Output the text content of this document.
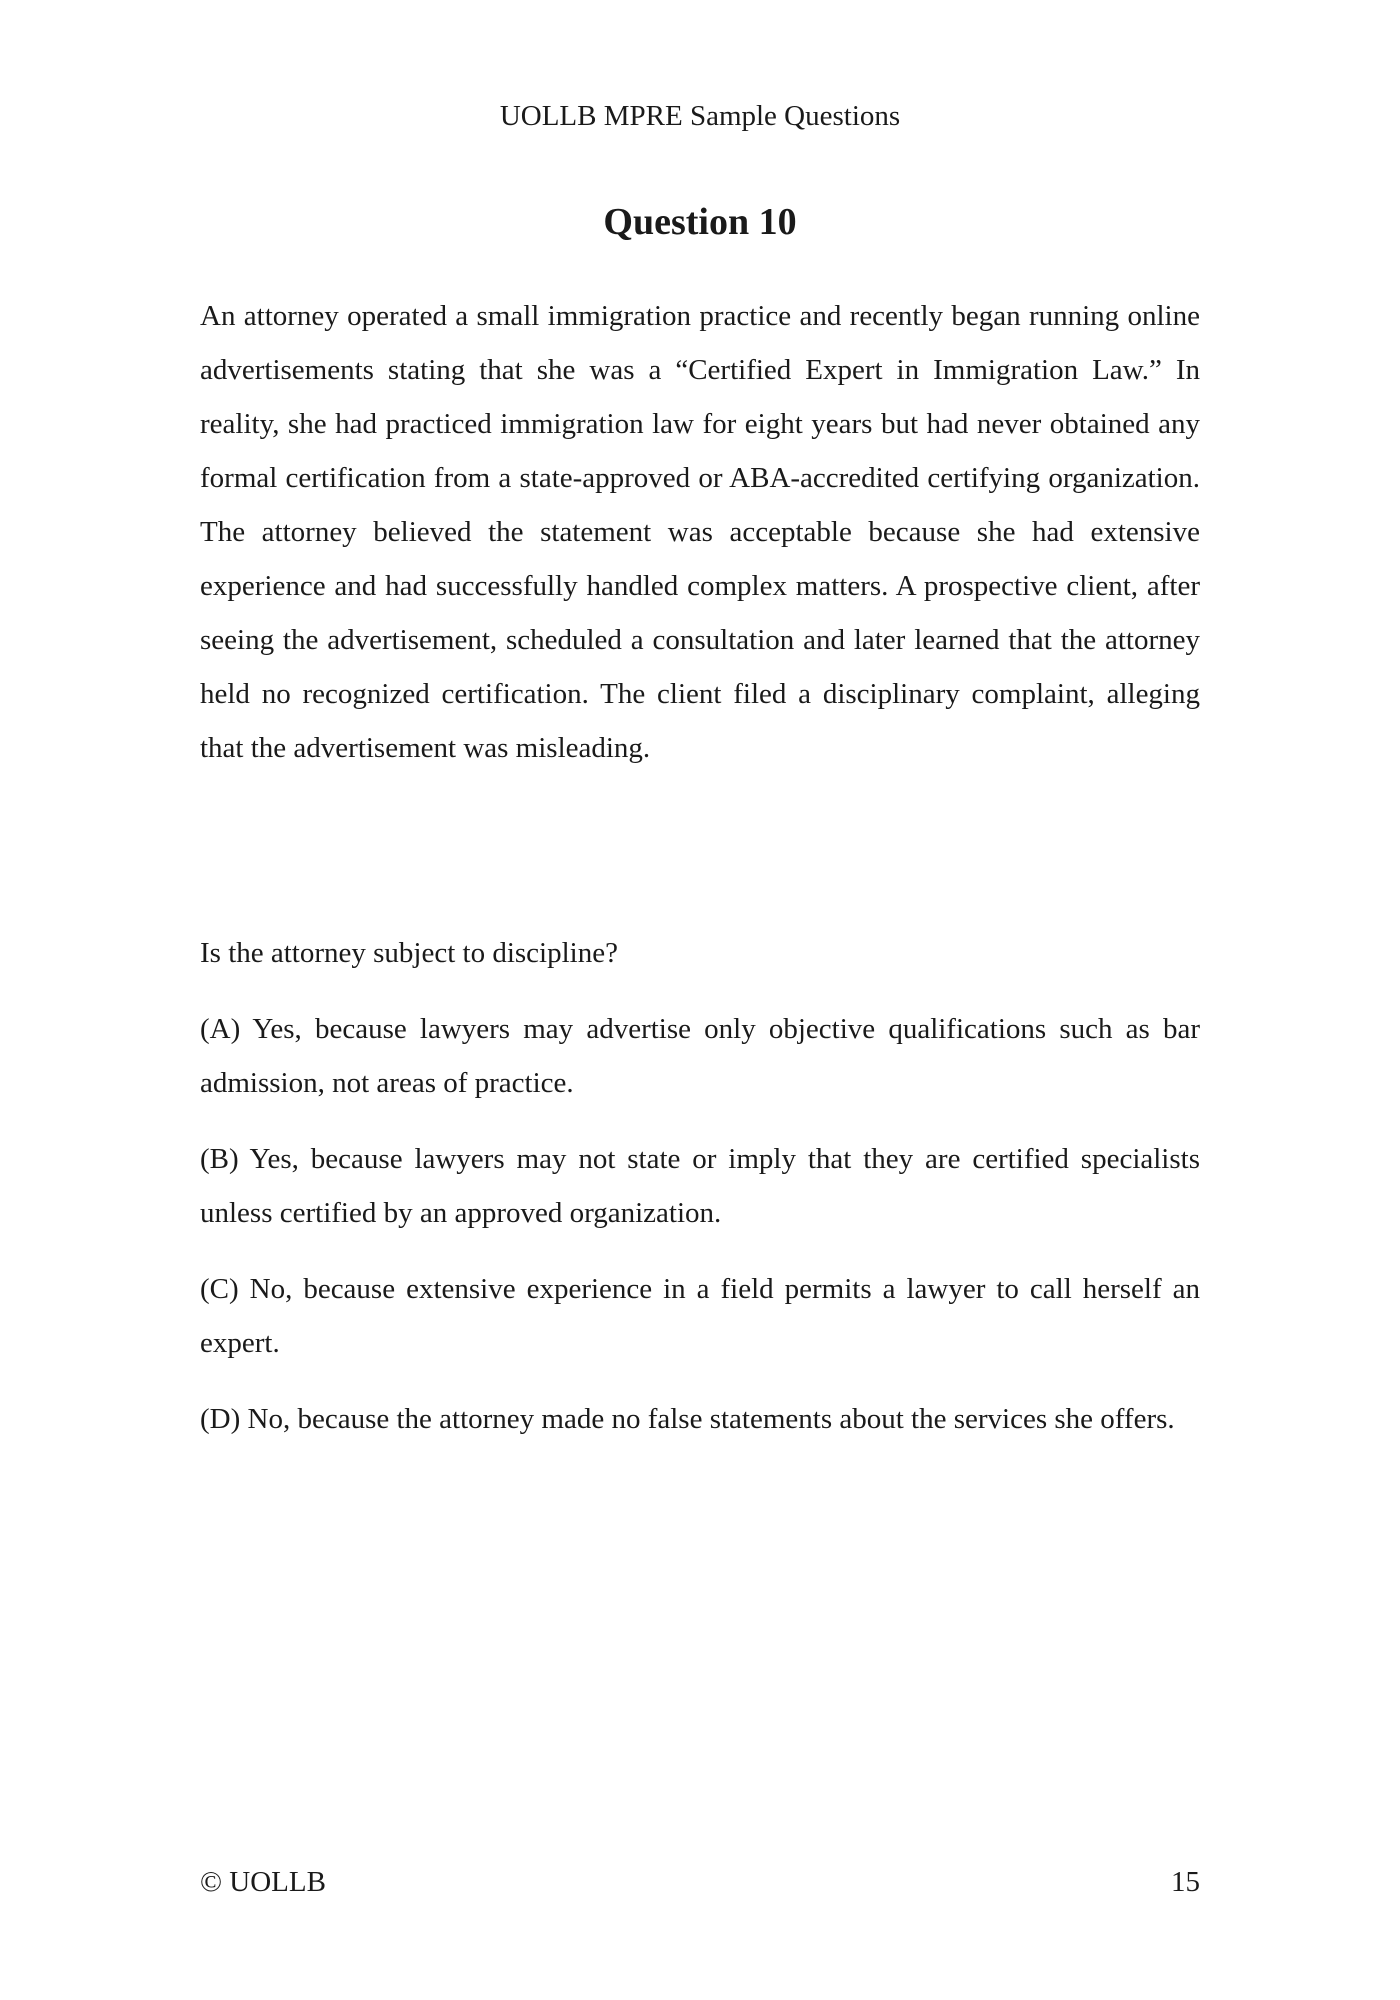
UOLLB MPRE Sample Questions
Question 10

An attorney operated a small immigration practice and recently began running online advertisements stating that she was a “Certified Expert in Immigration Law.” In reality, she had practiced immigration law for eight years but had never obtained any formal certification from a state-approved or ABA-accredited certifying organization. The attorney believed the statement was acceptable because she had extensive experience and had successfully handled complex matters. A prospective client, after seeing the advertisement, scheduled a consultation and later learned that the attorney held no recognized certification. The client filed a disciplinary complaint, alleging that the advertisement was misleading.

Is the attorney subject to discipline?

(A) Yes, because lawyers may advertise only objective qualifications such as bar admission, not areas of practice.
(B) Yes, because lawyers may not state or imply that they are certified specialists unless certified by an approved organization.
(C) No, because extensive experience in a field permits a lawyer to call herself an expert.
(D) No, because the attorney made no false statements about the services she offers.
© UOLLB	15
